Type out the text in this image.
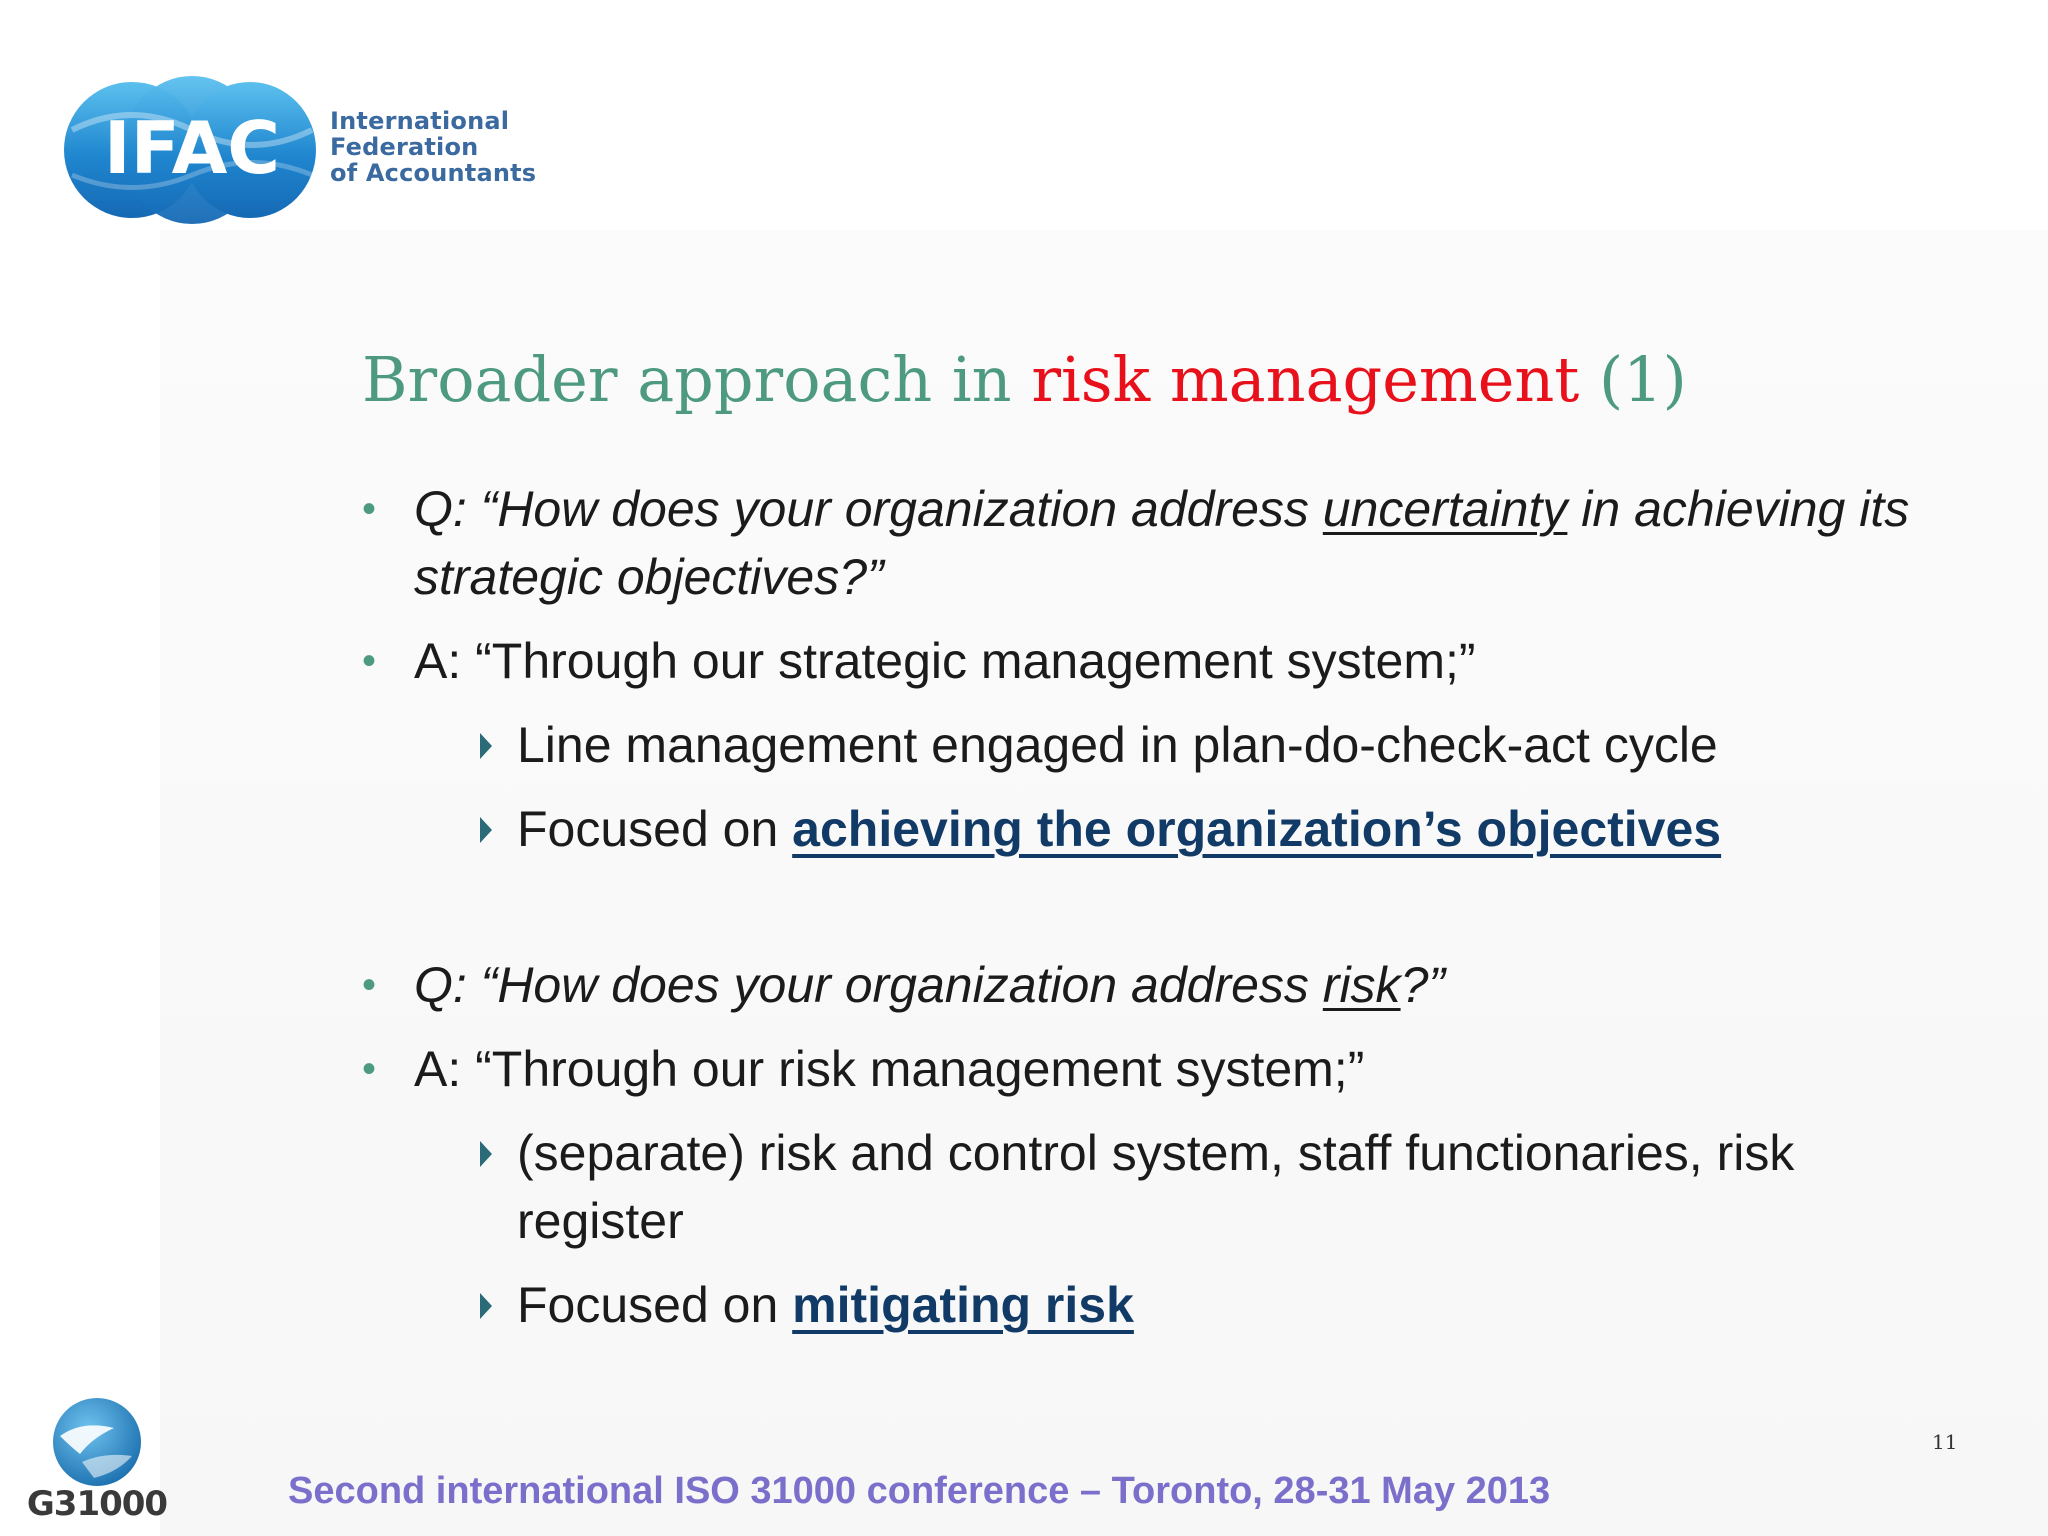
IFAC International
Federation
of Accountants
Broader approach in risk management (1)
• Q: “How does your organization address uncertainty in achieving its strategic objectives?”
• A: “Through our strategic management system;”
Line management engaged in plan-do-check-act cycle
Focused on achieving the organization’s objectives
• Q: “How does your organization address risk?”
• A: “Through our risk management system;”
(separate) risk and control system, staff functionaries, risk register
Focused on mitigating risk
G31000	Second international ISO 31000 conference – Toronto, 28-31 May 2013
11
